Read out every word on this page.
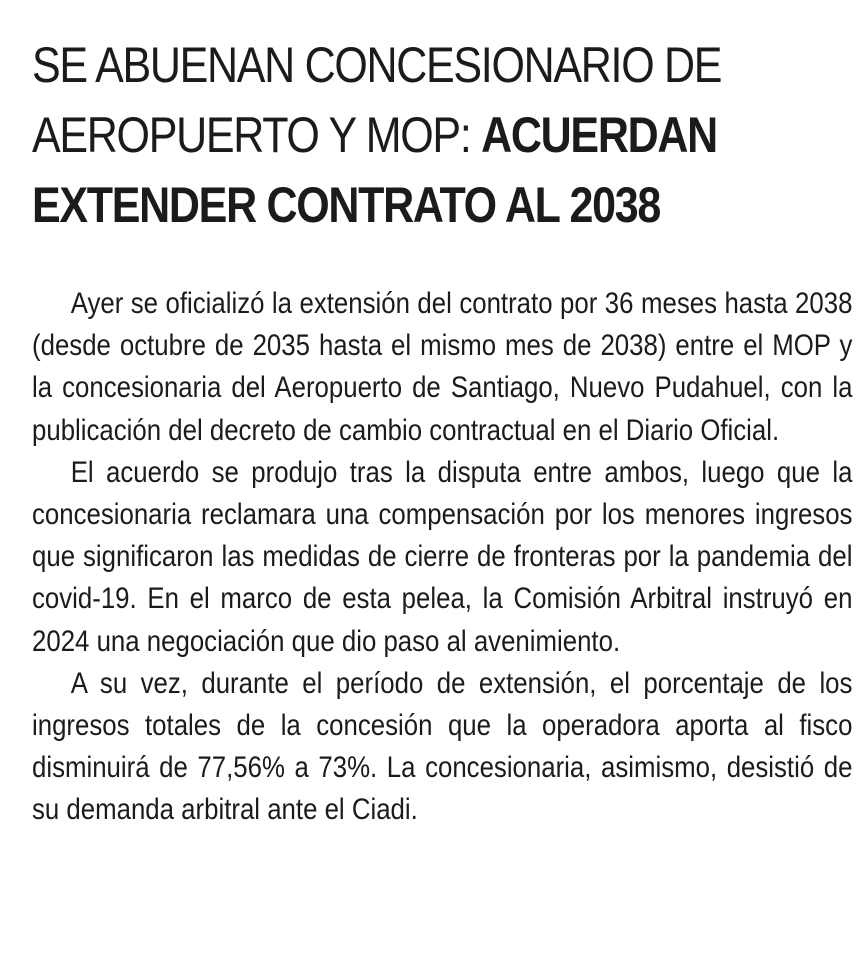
SE ABUENAN CONCESIONARIO DE
AEROPUERTO Y MOP: ACUERDAN
EXTENDER CONTRATO AL 2038

Ayer se oficializó la extensión del contrato por 36 meses hasta 2038 (desde octubre de 2035 hasta el mismo mes de 2038) entre el MOP y la concesionaria del Aeropuerto de Santiago, Nuevo Pudahuel, con la publicación del decreto de cambio contractual en el Diario Oficial.

El acuerdo se produjo tras la disputa entre ambos, luego que la concesionaria reclamara una compensación por los menores ingresos que significaron las medidas de cierre de fronteras por la pandemia del covid-19. En el marco de esta pelea, la Comisión Arbitral instruyó en 2024 una negociación que dio paso al avenimiento.

A su vez, durante el período de extensión, el porcentaje de los ingresos totales de la concesión que la operadora aporta al fisco disminuirá de 77,56% a 73%. La concesionaria, asimismo, desistió de su demanda arbitral ante el Ciadi.
